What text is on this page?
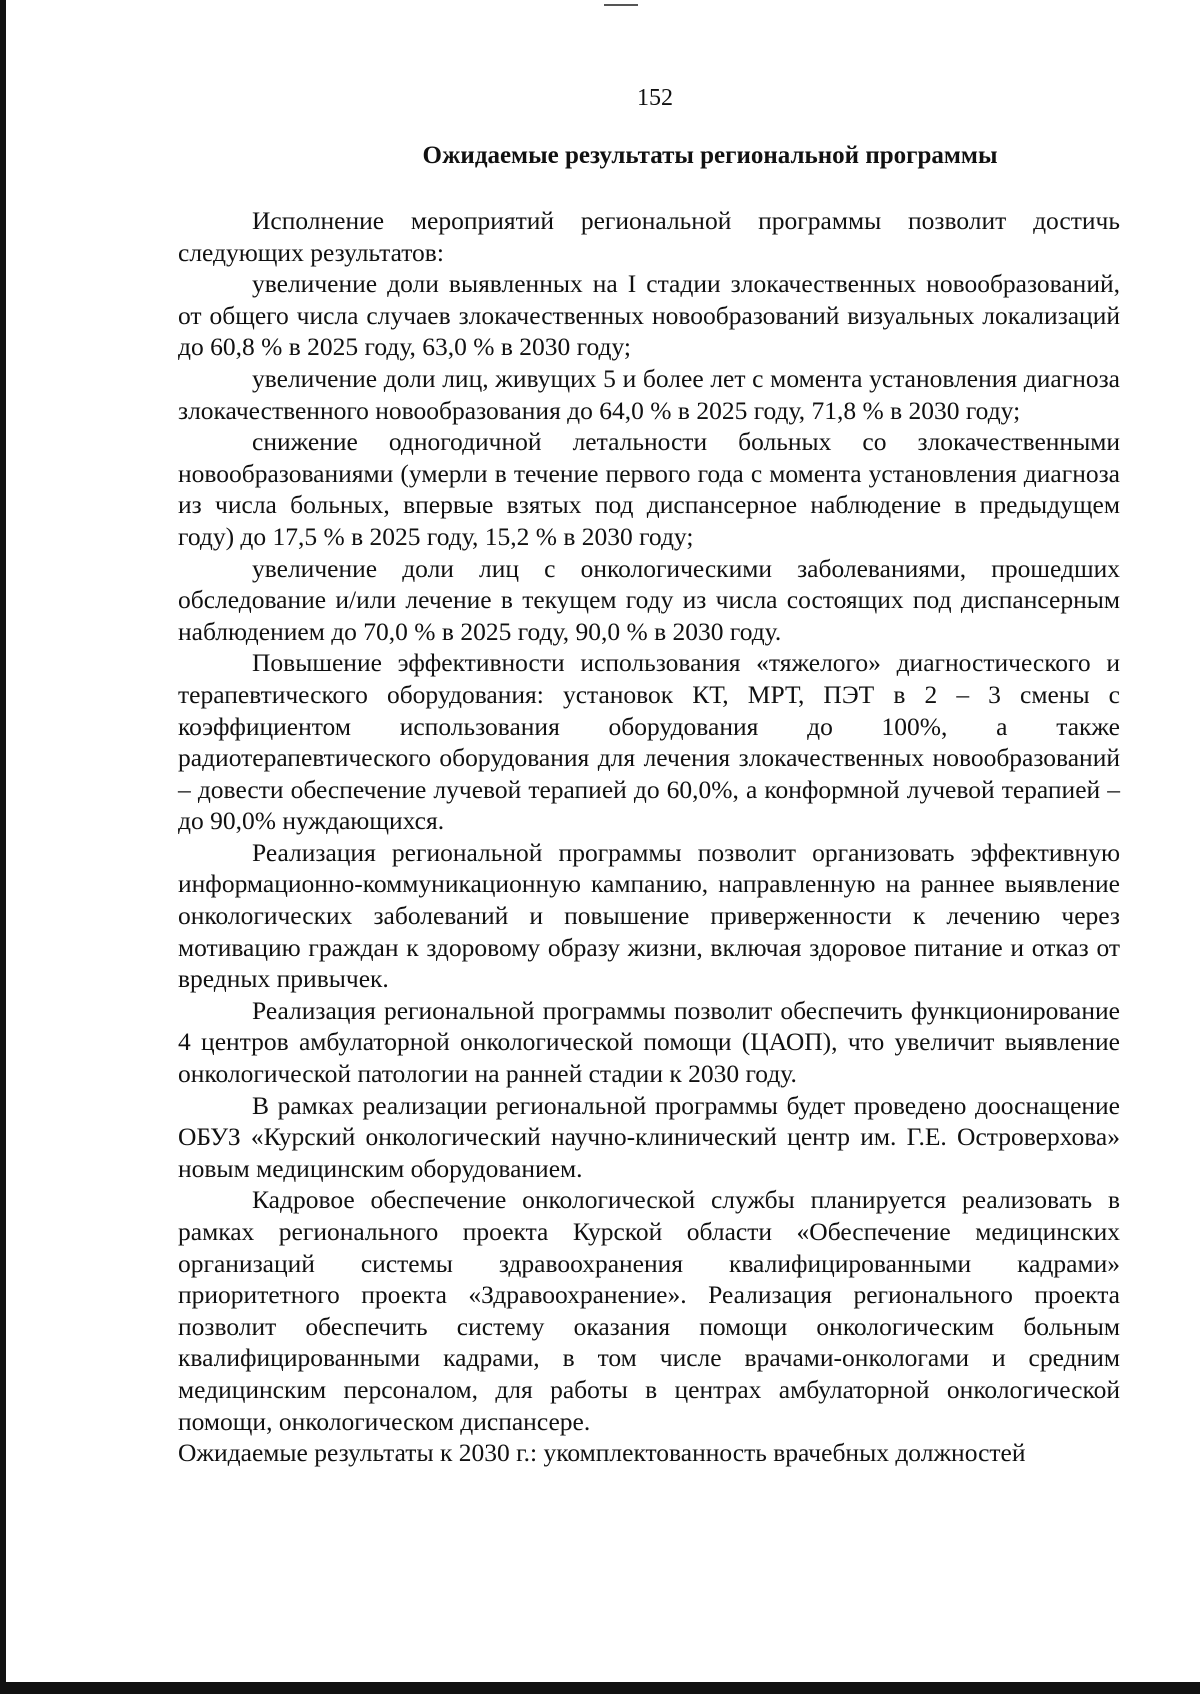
152
Ожидаемые результаты региональной программы

Исполнение мероприятий региональной программы позволит достичь следующих результатов:

увеличение доли выявленных на I стадии злокачественных новообразований, от общего числа случаев злокачественных новообразований визуальных локализаций до 60,8 % в 2025 году, 63,0 % в 2030 году;

увеличение доли лиц, живущих 5 и более лет с момента установления диагноза злокачественного новообразования до 64,0 % в 2025 году, 71,8 % в 2030 году;

снижение одногодичной летальности больных со злокачественными новообразованиями (умерли в течение первого года с момента установления диагноза из числа больных, впервые взятых под диспансерное наблюдение в предыдущем году) до 17,5 % в 2025 году, 15,2 % в 2030 году;

увеличение доли лиц с онкологическими заболеваниями, прошедших обследование и/или лечение в текущем году из числа состоящих под диспансерным наблюдением до 70,0 % в 2025 году, 90,0 % в 2030 году.

Повышение эффективности использования «тяжелого» диагностического и терапевтического оборудования: установок КТ, МРТ, ПЭТ в 2 – 3 смены с коэффициентом использования оборудования до 100%, а также радиотерапевтического оборудования для лечения злокачественных новообразований – довести обеспечение лучевой терапией до 60,0%, а конформной лучевой терапией – до 90,0% нуждающихся.

Реализация региональной программы позволит организовать эффективную информационно-коммуникационную кампанию, направленную на раннее выявление онкологических заболеваний и повышение приверженности к лечению через мотивацию граждан к здоровому образу жизни, включая здоровое питание и отказ от вредных привычек.

Реализация региональной программы позволит обеспечить функционирование 4 центров амбулаторной онкологической помощи (ЦАОП), что увеличит выявление онкологической патологии на ранней стадии к 2030 году.

В рамках реализации региональной программы будет проведено дооснащение ОБУЗ «Курский онкологический научно-клинический центр им. Г.Е. Островерхова» новым медицинским оборудованием.

Кадровое обеспечение онкологической службы планируется реализовать в рамках регионального проекта Курской области «Обеспечение медицинских организаций системы здравоохранения квалифицированными кадрами» приоритетного проекта «Здравоохранение». Реализация регионального проекта позволит обеспечить систему оказания помощи онкологическим больным квалифицированными кадрами, в том числе врачами-онкологами и средним медицинским персоналом, для работы в центрах амбулаторной онкологической помощи, онкологическом диспансере.

Ожидаемые результаты к 2030 г.: укомплектованность врачебных должностей
